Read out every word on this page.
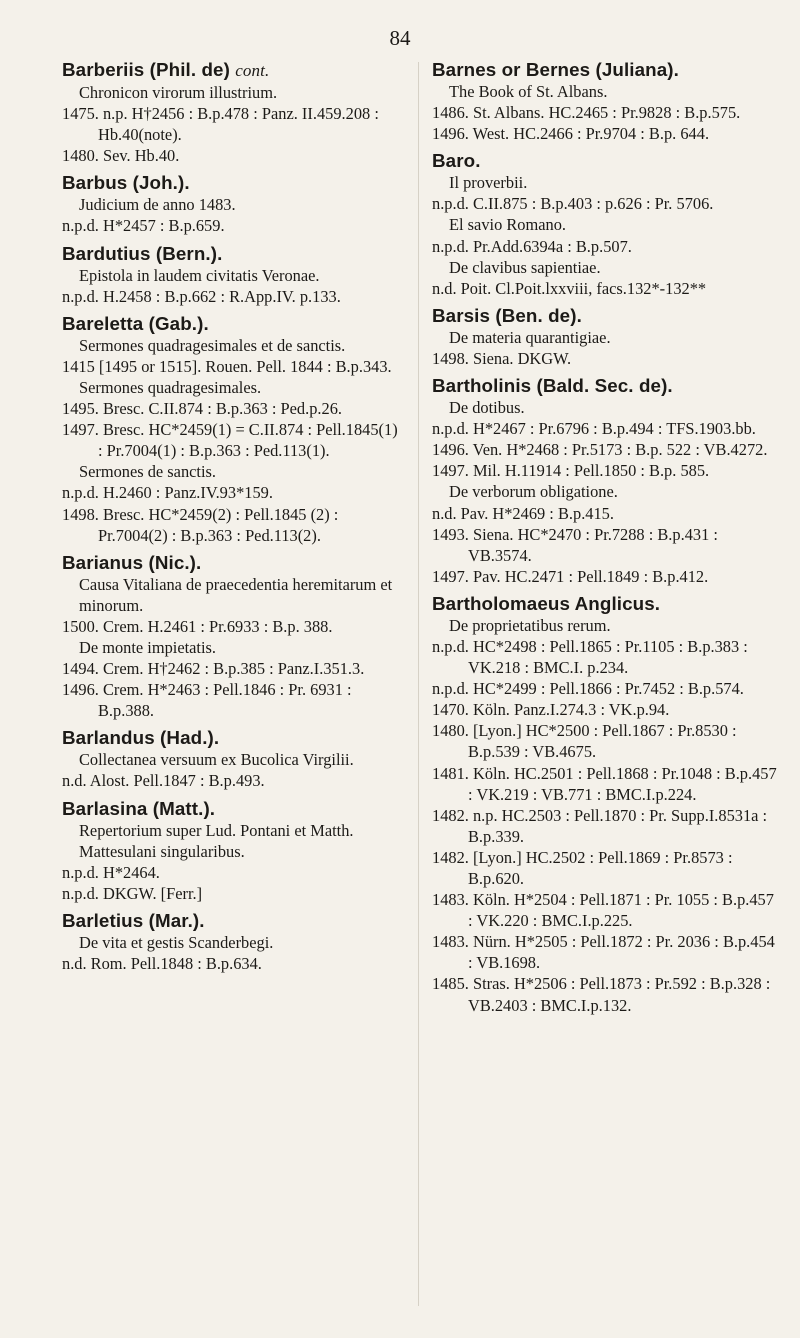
84
Barberiis (Phil. de) cont.
Chronicon virorum illustrium.
1475. n.p. H†2456 : B.p.478 : Panz. II.459.208 : Hb.40(note).
1480. Sev. Hb.40.
Barbus (Joh.).
Judicium de anno 1483.
n.p.d. H*2457 : B.p.659.
Bardutius (Bern.).
Epistola in laudem civitatis Veronae.
n.p.d. H.2458 : B.p.662 : R.App.IV. p.133.
Bareletta (Gab.).
Sermones quadragesimales et de sanctis.
1415 [1495 or 1515]. Rouen. Pell. 1844 : B.p.343.
Sermones quadragesimales.
1495. Bresc. C.II.874 : B.p.363 : Ped.p.26.
1497. Bresc. HC*2459(1) = C.II.874 : Pell.1845(1) : Pr.7004(1) : B.p.363 : Ped.113(1).
Sermones de sanctis.
n.p.d. H.2460 : Panz.IV.93*159.
1498. Bresc. HC*2459(2) : Pell.1845 (2) : Pr.7004(2) : B.p.363 : Ped.113(2).
Barianus (Nic.).
Causa Vitaliana de praecedentia heremitarum et minorum.
1500. Crem. H.2461 : Pr.6933 : B.p. 388.
De monte impietatis.
1494. Crem. H†2462 : B.p.385 : Panz.I.351.3.
1496. Crem. H*2463 : Pell.1846 : Pr. 6931 : B.p.388.
Barlandus (Had.).
Collectanea versuum ex Bucolica Virgilii.
n.d. Alost. Pell.1847 : B.p.493.
Barlasina (Matt.).
Repertorium super Lud. Pontani et Matth. Mattesulani singularibus.
n.p.d. H*2464.
n.p.d. DKGW. [Ferr.]
Barletius (Mar.).
De vita et gestis Scanderbegi.
n.d. Rom. Pell.1848 : B.p.634.
Barnes or Bernes (Juliana).
The Book of St. Albans.
1486. St. Albans. HC.2465 : Pr.9828 : B.p.575.
1496. West. HC.2466 : Pr.9704 : B.p. 644.
Baro.
Il proverbii.
n.p.d. C.II.875 : B.p.403 : p.626 : Pr. 5706.
El savio Romano.
n.p.d. Pr.Add.6394a : B.p.507.
De clavibus sapientiae.
n.d. Poit. Cl.Poit.lxxviii, facs.132*-132**
Barsis (Ben. de).
De materia quarantigiae.
1498. Siena. DKGW.
Bartholinis (Bald. Sec. de).
De dotibus.
n.p.d. H*2467 : Pr.6796 : B.p.494 : TFS.1903.bb.
1496. Ven. H*2468 : Pr.5173 : B.p. 522 : VB.4272.
1497. Mil. H.11914 : Pell.1850 : B.p. 585.
De verborum obligatione.
n.d. Pav. H*2469 : B.p.415.
1493. Siena. HC*2470 : Pr.7288 : B.p.431 : VB.3574.
1497. Pav. HC.2471 : Pell.1849 : B.p.412.
Bartholomaeus Anglicus.
De proprietatibus rerum.
n.p.d. HC*2498 : Pell.1865 : Pr.1105 : B.p.383 : VK.218 : BMC.I. p.234.
n.p.d. HC*2499 : Pell.1866 : Pr.7452 : B.p.574.
1470. Köln. Panz.I.274.3 : VK.p.94.
1480. [Lyon.] HC*2500 : Pell.1867 : Pr.8530 : B.p.539 : VB.4675.
1481. Köln. HC.2501 : Pell.1868 : Pr.1048 : B.p.457 : VK.219 : VB.771 : BMC.I.p.224.
1482. n.p. HC.2503 : Pell.1870 : Pr. Supp.I.8531a : B.p.339.
1482. [Lyon.] HC.2502 : Pell.1869 : Pr.8573 : B.p.620.
1483. Köln. H*2504 : Pell.1871 : Pr. 1055 : B.p.457 : VK.220 : BMC.I.p.225.
1483. Nürn. H*2505 : Pell.1872 : Pr. 2036 : B.p.454 : VB.1698.
1485. Stras. H*2506 : Pell.1873 : Pr.592 : B.p.328 : VB.2403 : BMC.I.p.132.
